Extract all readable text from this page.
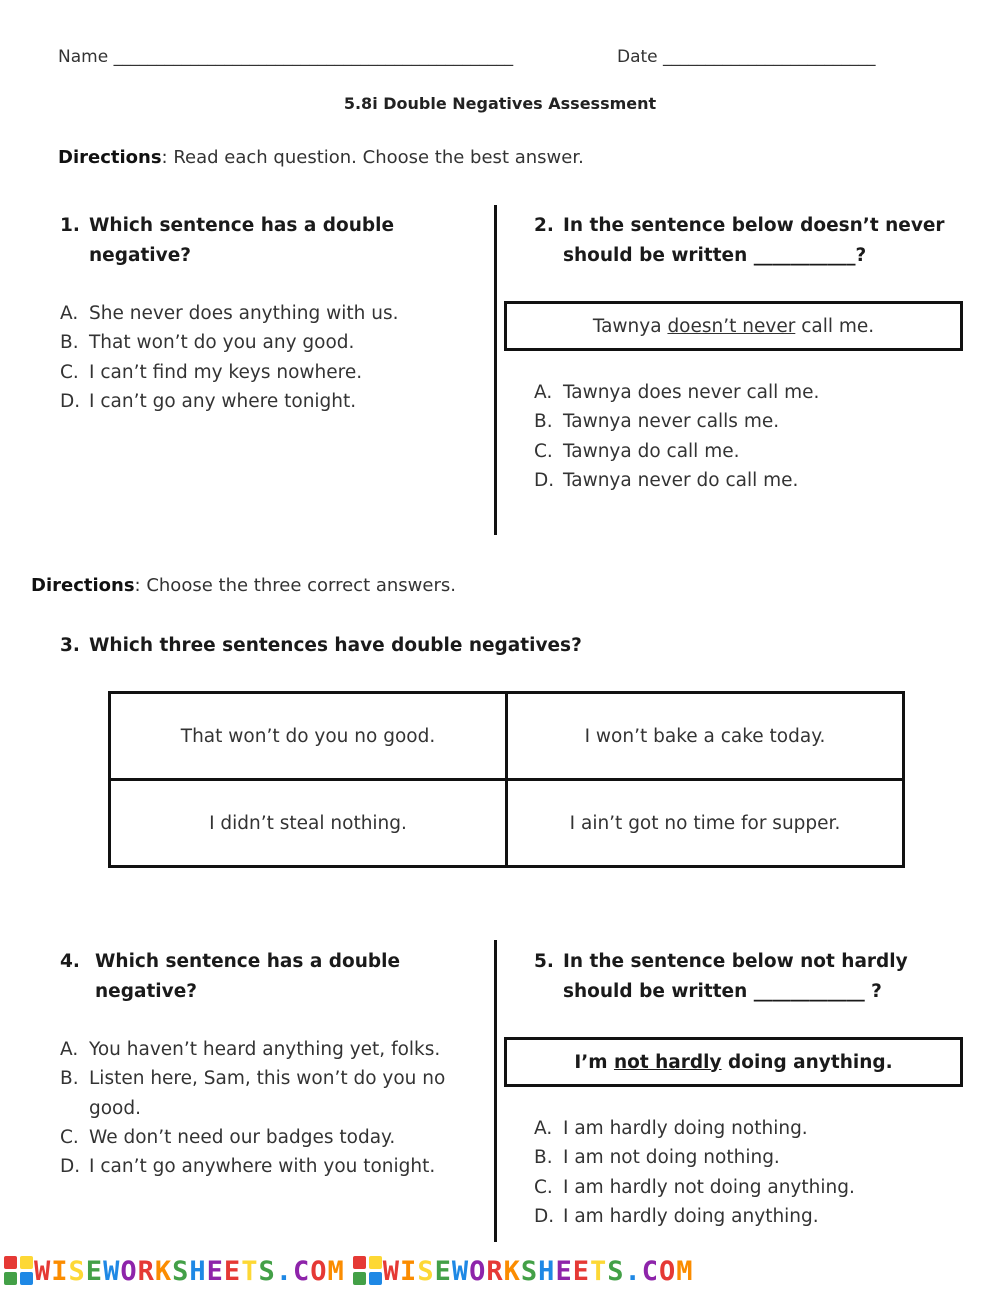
Name _______________________________________________	Date _________________________
5.8i Double Negatives Assessment
Directions: Read each question. Choose the best answer.
1. Which sentence has a double
negative?
A. She never does anything with us.
B. That won’t do you any good.
C. I can’t find my keys nowhere.
D. I can’t go any where tonight.
2. In the sentence below doesn’t never
should be written ___________?
Tawnya doesn’t never call me.
A. Tawnya does never call me.
B. Tawnya never calls me.
C. Tawnya do call me.
D. Tawnya never do call me.
Directions: Choose the three correct answers.
3. Which three sentences have double negatives?
That won’t do you no good.	I won’t bake a cake today.
I didn’t steal nothing.	I ain’t got no time for supper.
4. Which sentence has a double
negative?
A. You haven’t heard anything yet, folks.
B. Listen here, Sam, this won’t do you no good.
C. We don’t need our badges today.
D. I can’t go anywhere with you tonight.
5. In the sentence below not hardly
should be written ____________ ?
I’m not hardly doing anything.
A. I am hardly doing nothing.
B. I am not doing nothing.
C. I am hardly not doing anything.
D. I am hardly doing anything.
WISEWORKSHEETS.COM WISEWORKSHEETS.COM
